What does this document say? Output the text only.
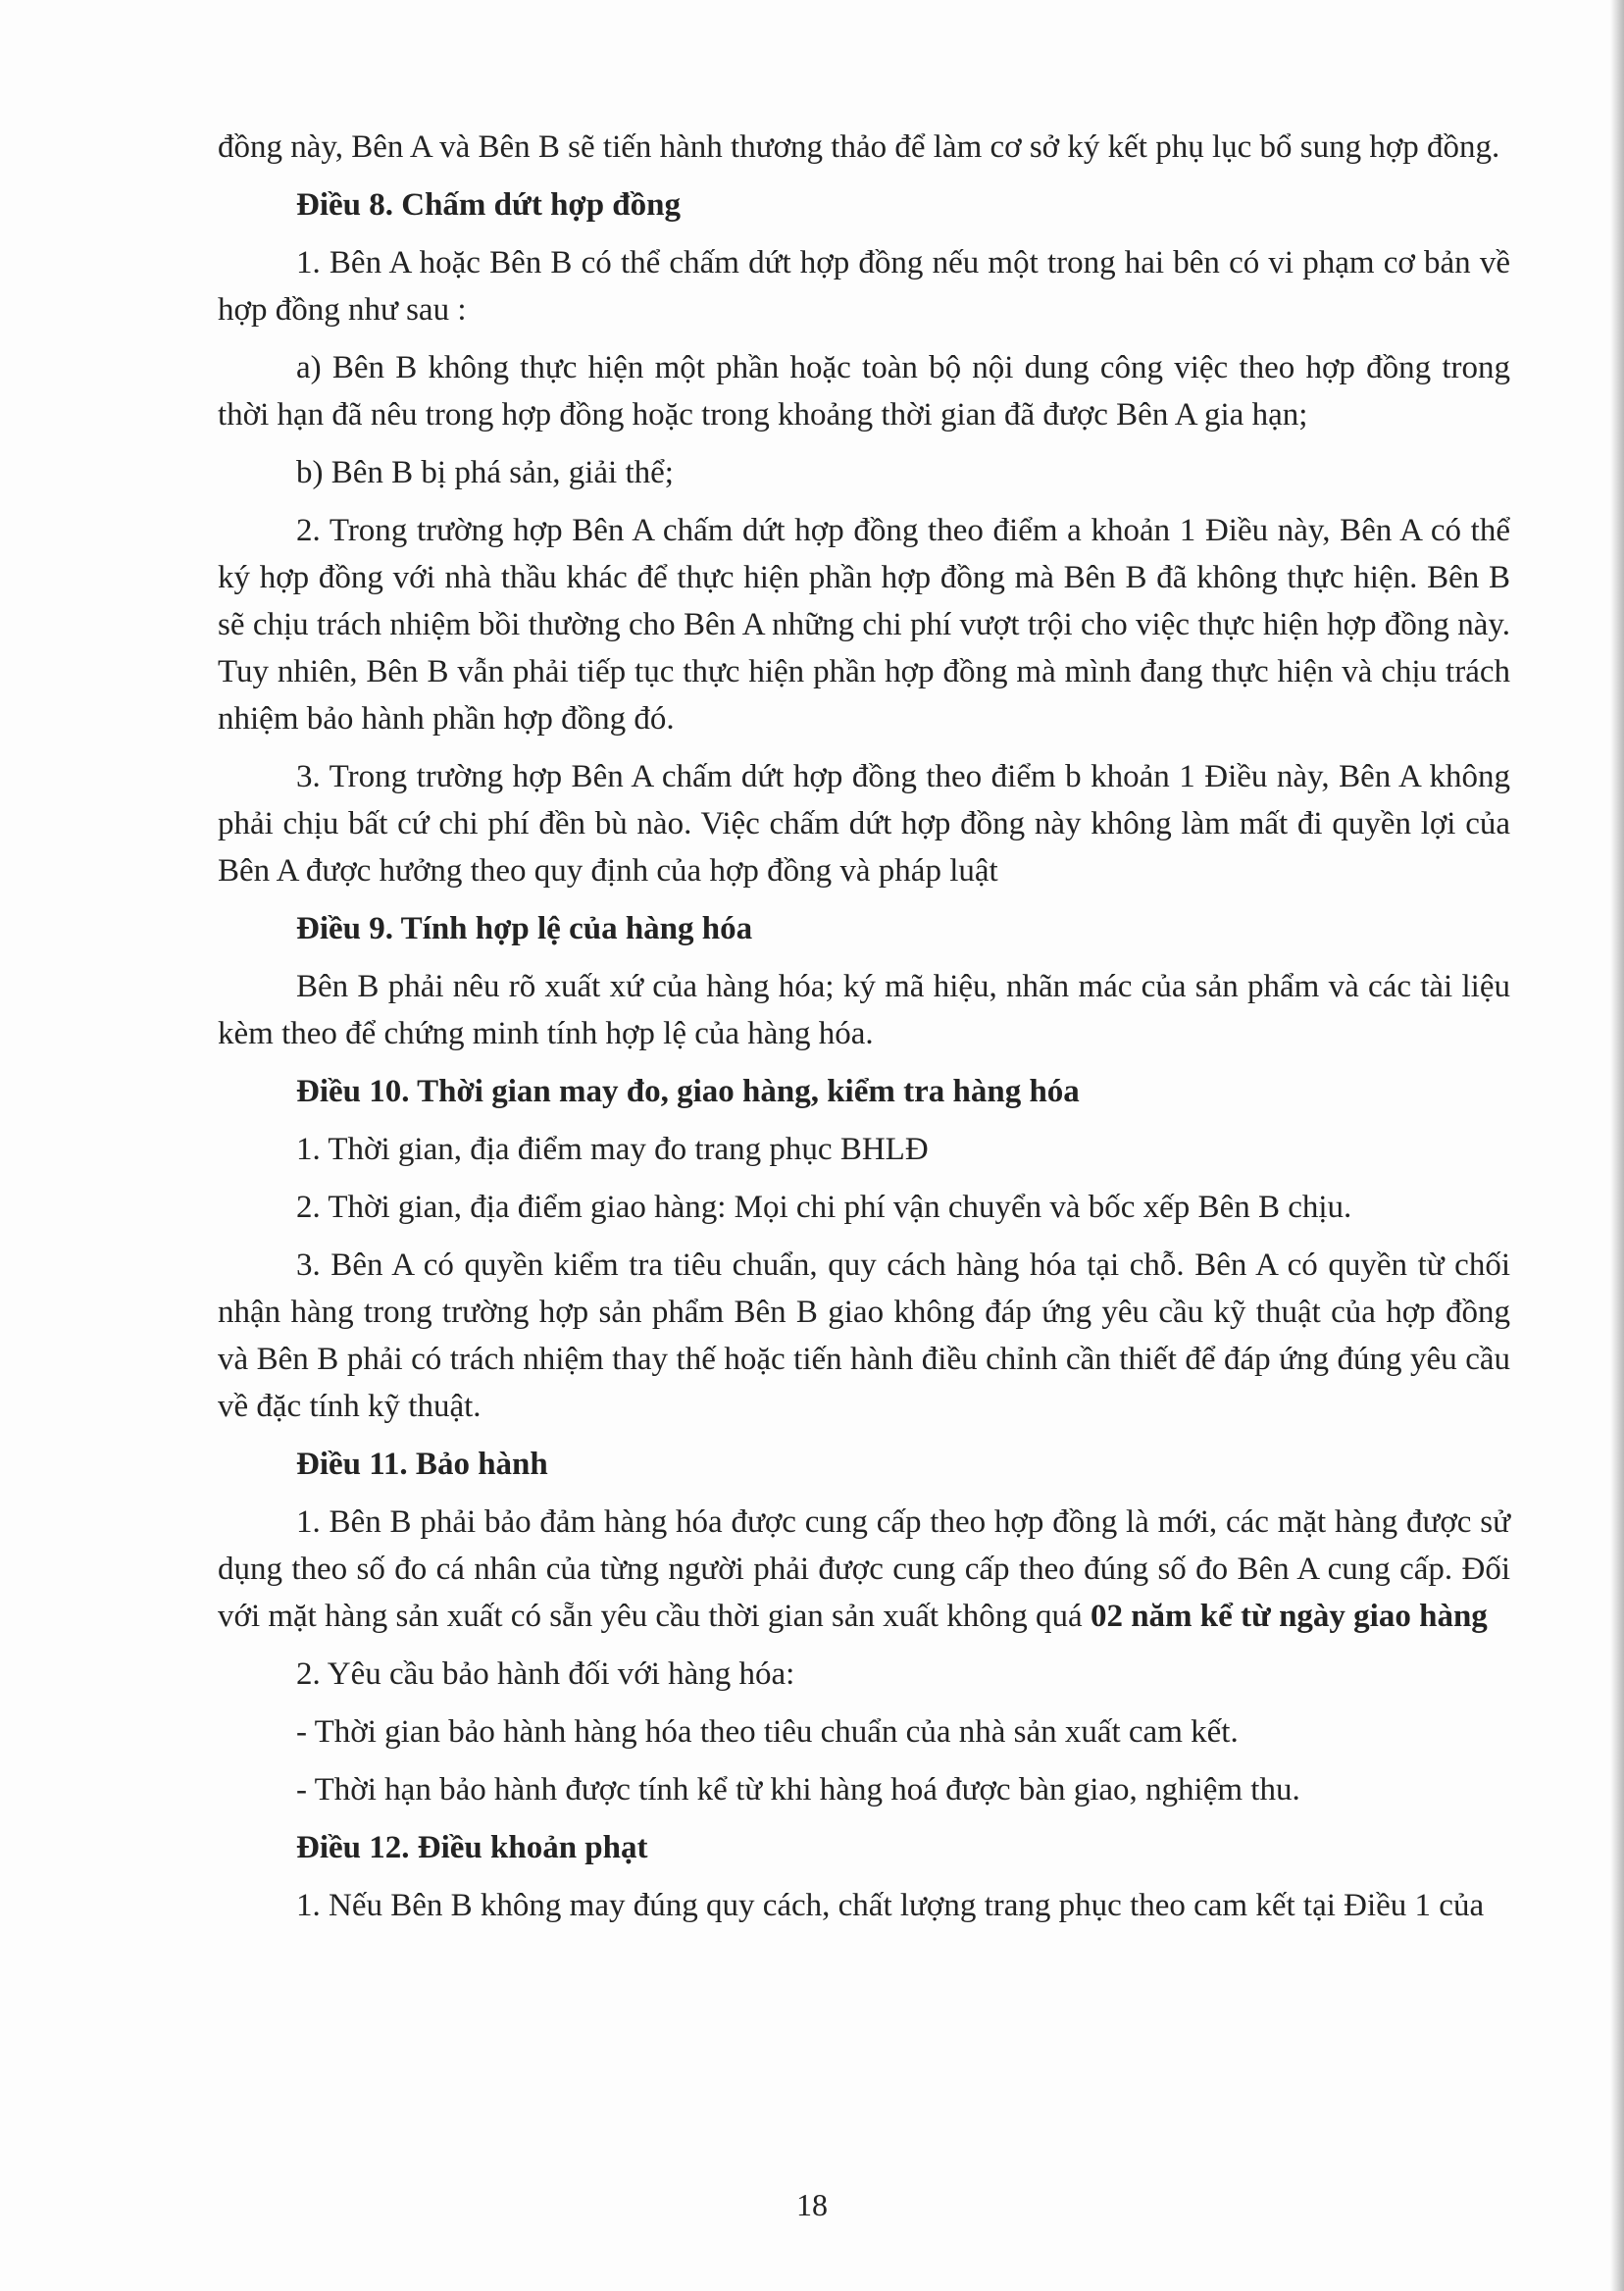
đồng này, Bên A và Bên B sẽ tiến hành thương thảo để làm cơ sở ký kết phụ lục bổ sung hợp đồng.

Điều 8. Chấm dứt hợp đồng

1. Bên A hoặc Bên B có thể chấm dứt hợp đồng nếu một trong hai bên có vi phạm cơ bản về hợp đồng như sau :

a) Bên B không thực hiện một phần hoặc toàn bộ nội dung công việc theo hợp đồng trong thời hạn đã nêu trong hợp đồng hoặc trong khoảng thời gian đã được Bên A gia hạn;

b) Bên B bị phá sản, giải thể;

2. Trong trường hợp Bên A chấm dứt hợp đồng theo điểm a khoản 1 Điều này, Bên A có thể ký hợp đồng với nhà thầu khác để thực hiện phần hợp đồng mà Bên B đã không thực hiện. Bên B sẽ chịu trách nhiệm bồi thường cho Bên A những chi phí vượt trội cho việc thực hiện hợp đồng này. Tuy nhiên, Bên B vẫn phải tiếp tục thực hiện phần hợp đồng mà mình đang thực hiện và chịu trách nhiệm bảo hành phần hợp đồng đó.

3. Trong trường hợp Bên A chấm dứt hợp đồng theo điểm b khoản 1 Điều này, Bên A không phải chịu bất cứ chi phí đền bù nào. Việc chấm dứt hợp đồng này không làm mất đi quyền lợi của Bên A được hưởng theo quy định của hợp đồng và pháp luật

Điều 9. Tính hợp lệ của hàng hóa

Bên B phải nêu rõ xuất xứ của hàng hóa; ký mã hiệu, nhãn mác của sản phẩm và các tài liệu kèm theo để chứng minh tính hợp lệ của hàng hóa.

Điều 10. Thời gian may đo, giao hàng, kiểm tra hàng hóa

1. Thời gian, địa điểm may đo trang phục BHLĐ

2. Thời gian, địa điểm giao hàng: Mọi chi phí vận chuyển và bốc xếp Bên B chịu.

3. Bên A có quyền kiểm tra tiêu chuẩn, quy cách hàng hóa tại chỗ. Bên A có quyền từ chối nhận hàng trong trường hợp sản phẩm Bên B giao không đáp ứng yêu cầu kỹ thuật của hợp đồng và Bên B phải có trách nhiệm thay thế hoặc tiến hành điều chỉnh cần thiết để đáp ứng đúng yêu cầu về đặc tính kỹ thuật.

Điều 11. Bảo hành

1. Bên B phải bảo đảm hàng hóa được cung cấp theo hợp đồng là mới, các mặt hàng được sử dụng theo số đo cá nhân của từng người phải được cung cấp theo đúng số đo Bên A cung cấp. Đối với mặt hàng sản xuất có sẵn yêu cầu thời gian sản xuất không quá 02 năm kể từ ngày giao hàng

2. Yêu cầu bảo hành đối với hàng hóa:

- Thời gian bảo hành hàng hóa theo tiêu chuẩn của nhà sản xuất cam kết.

- Thời hạn bảo hành được tính kể từ khi hàng hoá được bàn giao, nghiệm thu.

Điều 12. Điều khoản phạt

1. Nếu Bên B không may đúng quy cách, chất lượng trang phục theo cam kết tại Điều 1 của

18
